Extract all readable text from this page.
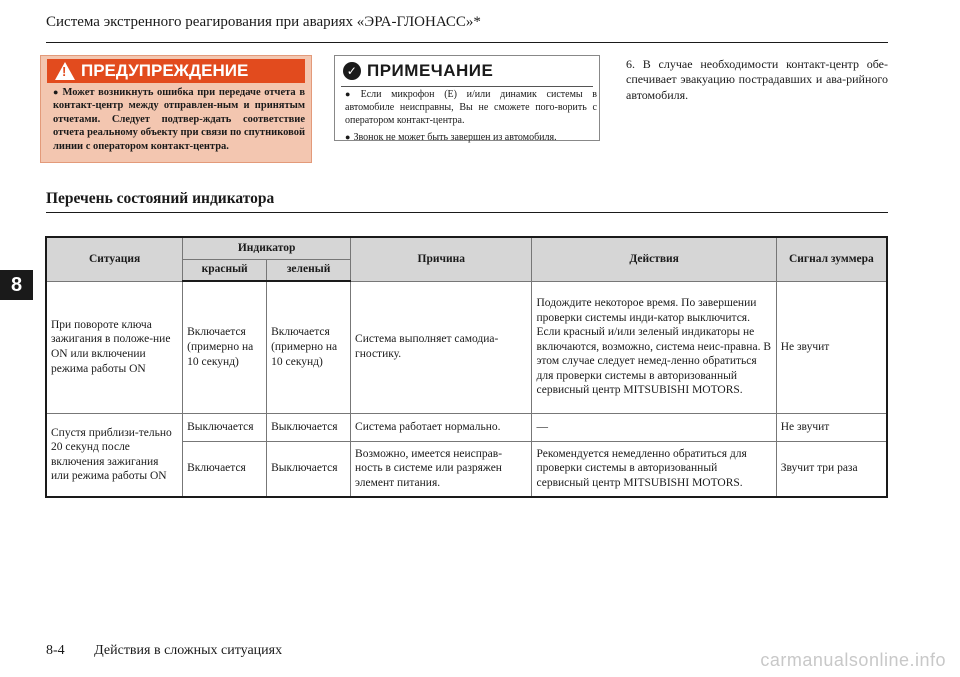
Система экстренного реагирования при авариях «ЭРА-ГЛОНАСС»*
!
ПРЕДУПРЕЖДЕНИЕ
● Может возникнуть ошибка при передаче отчета в контакт-центр между отправлен-ным и принятым отчетами. Следует подтвер-ждать соответствие отчета реальному объекту при связи по спутниковой линии с оператором контакт-центра.
✓ ПРИМЕЧАНИЕ

● Если микрофон (E) и/или динамик системы в автомобиле неисправны, Вы не сможете пого-ворить с оператором контакт-центра.

● Звонок не может быть завершен из автомобиля.

6. В случае необходимости контакт-центр обе-спечивает эвакуацию пострадавших и ава-рийного автомобиля.
Перечень состояний индикатора
8
Ситуация	Индикатор		Причина	Действия	Сигнал зуммера
	красный	зеленый			
При повороте ключа зажигания в положе-ние ON или включении режима работы ON	Включается (примерно на 10 секунд)	Включается (примерно на 10 секунд)	Система выполняет самодиа-гностику.	Подождите некоторое время. По завершении проверки системы инди-катор выключится. Если красный и/или зеленый индикаторы не включаются, возможно, система неис-правна. В этом случае следует немед-ленно обратиться для проверки системы в авторизованный сервисный центр MITSUBISHI MOTORS.	Не звучит
Спустя приблизи-тельно 20 секунд после включения зажигания или режима работы ON	Выключается	Выключается	Система работает нормально.	—	Не звучит
	Включается	Выключается	Возможно, имеется неисправ-ность в системе или разряжен элемент питания.	Рекомендуется немедленно обратиться для проверки системы в авторизованный сервисный центр MITSUBISHI MOTORS.	Звучит три раза
8-4 Действия в сложных ситуациях	carmanualsonline.info
